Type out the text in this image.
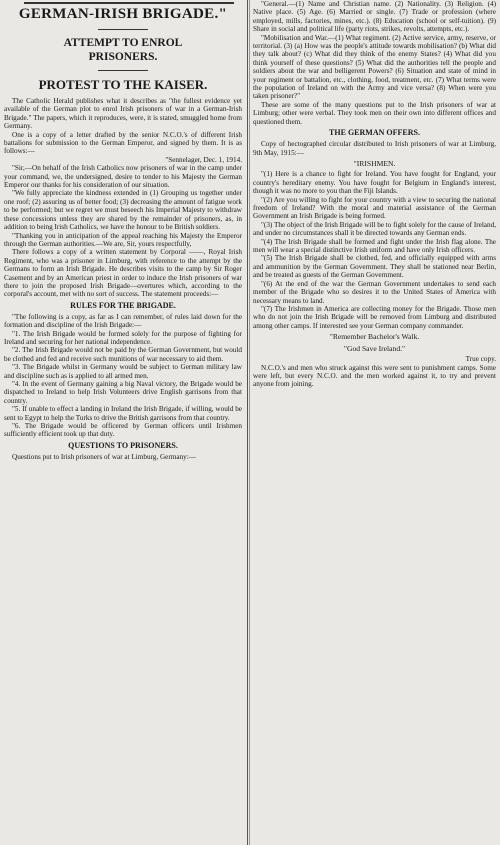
GERMAN-IRISH BRIGADE."
ATTEMPT TO ENROL
PRISONERS.
PROTEST TO THE KAISER.

The Catholic Herald publishes what it describes as "the fullest evidence yet available of the German plot to enrol Irish prisoners of war in a German-Irish Brigade." The papers, which it reproduces, were, it is stated, smuggled home from Germany.

One is a copy of a letter drafted by the senior N.C.O.'s of different Irish battalions for submission to the German Emperor, and signed by them. It is as follows:—

"Sennelager, Dec. 1, 1914.

"Sir,—On behalf of the Irish Catholics now prisoners of war in the camp under your command, we, the undersigned, desire to tender to his Majesty the German Emperor our thanks for his consideration of our situation.

"We fully appreciate the kindness extended in (1) Grouping us together under one roof; (2) assuring us of better food; (3) decreasing the amount of fatigue work to be performed; but we regret we must beseech his Imperial Majesty to withdraw these concessions unless they are shared by the remainder of prisoners, as, in addition to being Irish Catholics, we have the honour to be British soldiers.

"Thanking you in anticipation of the appeal reaching his Majesty the Emperor through the German authorities.—We are, Sir, yours respectfully,

There follows a copy of a written statement by Corporal ——, Royal Irish Regiment, who was a prisoner in Limburg, with reference to the attempt by the Germans to form an Irish Brigade. He describes visits to the camp by Sir Roger Casement and by an American priest in order to induce the Irish prisoners of war there to join the proposed Irish Brigade—overtures which, according to the corporal's account, met with no sort of success. The statement proceeds:—

RULES FOR THE BRIGADE.

"The following is a copy, as far as I can remember, of rules laid down for the formation and discipline of the Irish Brigade:—

"1. The Irish Brigade would be formed solely for the purpose of fighting for Ireland and securing for her national independence.

"2. The Irish Brigade would not be paid by the German Government, but would be clothed and fed and receive such munitions of war necessary to aid them.

"3. The Brigade whilst in Germany would be subject to German military law and discipline such as is applied to all armed men.

"4. In the event of Germany gaining a big Naval victory, the Brigade would be dispatched to Ireland to help Irish Volunteers drive English garrisons from that country.

"5. If unable to effect a landing in Ireland the Irish Brigade, if willing, would be sent to Egypt to help the Turks to drive the British garrisons from that country.

"6. The Brigade would be officered by German officers until Irishmen sufficiently efficient took up that duty.

QUESTIONS TO PRISONERS.

Questions put to Irish prisoners of war at Limburg, Germany:—

"General.—(1) Name and Christian name. (2) Nationality. (3) Religion. (4) Native place. (5) Age. (6) Married or single. (7) Trade or profession (where employed, mills, factories, mines, etc.). (8) Education (school or self-tuition). (9) Share in social and political life (party riots, strikes, revolts, attempts, etc.).

"Mobilisation and War.—(1) What regiment. (2) Active service, army, reserve, or territorial. (3) (a) How was the people's attitude towards mobilisation? (b) What did they talk about? (c) What did they think of the enemy States? (4) What did you think yourself of these questions? (5) What did the authorities tell the people and soldiers about the war and belligerent Powers? (6) Situation and state of mind in your regiment or battalion, etc., clothing, food, treatment, etc. (7) What terms were the population of Ireland on with the Army and vice versa? (8) When were you taken prisoner?"

These are some of the many questions put to the Irish prisoners of war at Limburg; other were verbal. They took men on their own into different offices and questioned them.

THE GERMAN OFFERS.

Copy of hectographed circular distributed to Irish prisoners of war at Limburg, 9th May, 1915:—

"IRISHMEN.

"(1) Here is a chance to fight for Ireland. You have fought for England, your country's hereditary enemy. You have fought for Belgium in England's interest, though it was no more to you than the Fiji Islands.

"(2) Are you willing to fight for your country with a view to securing the national freedom of Ireland? With the moral and material assistance of the German Government an Irish Brigade is being formed.

"(3) The object of the Irish Brigade will be to fight solely for the cause of Ireland, and under no circumstances shall it be directed towards any German ends.

"(4) The Irish Brigade shall be formed and fight under the Irish flag alone. The men will wear a special distinctive Irish uniform and have only Irish officers.

"(5) The Irish Brigade shall be clothed, fed, and officially equipped with arms and ammunition by the German Government. They shall be stationed near Berlin, and be treated as guests of the German Government.

"(6) At the end of the war the German Government undertakes to send each member of the Brigade who so desires it to the United States of America with necessary means to land.

"(7) The Irishmen in America are collecting money for the Brigade. Those men who do not join the Irish Brigade will be removed from Limburg and distributed among other camps. If interested see your German company commander.

"Remember Bachelor's Walk.
"God Save Ireland."

True copy.

N.C.O.'s and men who struck against this were sent to punishment camps. Some were left, but every N.C.O. and the men worked against it, to try and prevent anyone from joining.
